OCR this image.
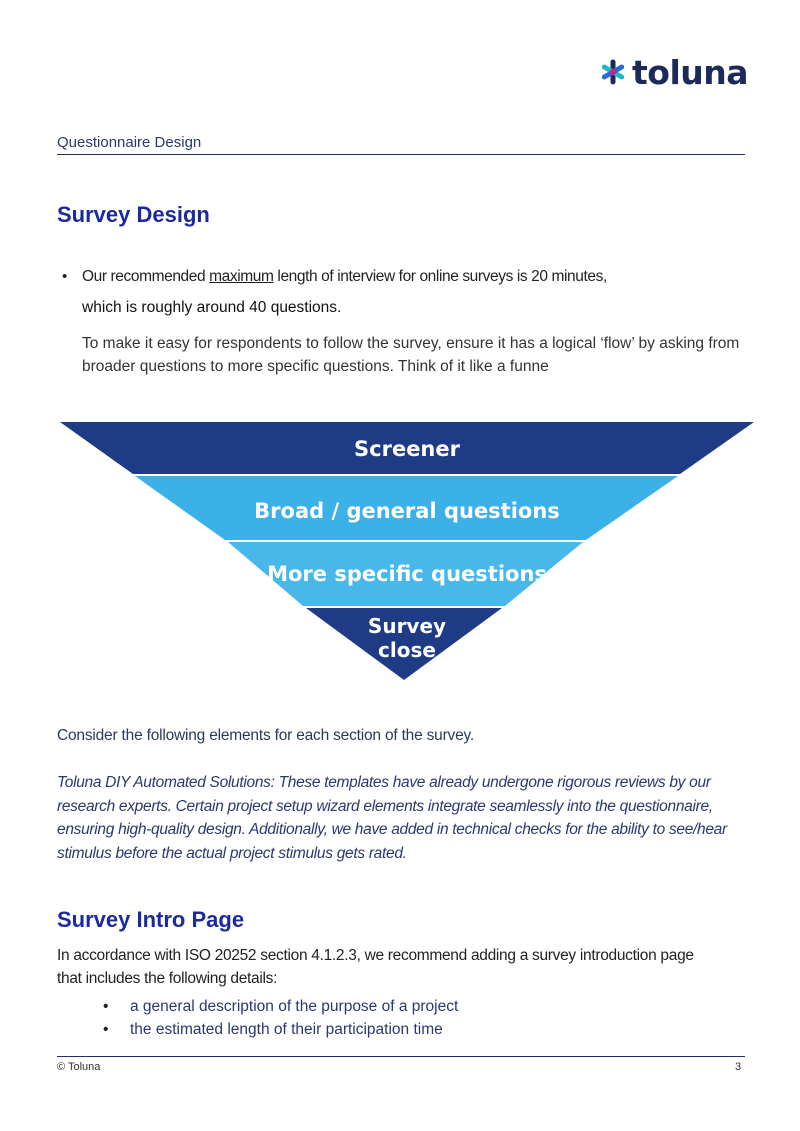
toluna
Questionnaire Design
Survey Design
• Our recommended maximum length of interview for online surveys is 20 minutes,
which is roughly around 40 questions.
To make it easy for respondents to follow the survey, ensure it has a logical ‘flow’ by asking from broader questions to more specific questions. Think of it like a funne
Screener
Broad / general questions
More specific questions
Survey
close
Consider the following elements for each section of the survey.
Toluna DIY Automated Solutions: These templates have already undergone rigorous reviews by our research experts. Certain project setup wizard elements integrate seamlessly into the questionnaire, ensuring high-quality design. Additionally, we have added in technical checks for the ability to see/hear stimulus before the actual project stimulus gets rated.
Survey Intro Page
In accordance with ISO 20252 section 4.1.2.3, we recommend adding a survey introduction page that includes the following details:
• a general description of the purpose of a project
• the estimated length of their participation time
© Toluna	3
